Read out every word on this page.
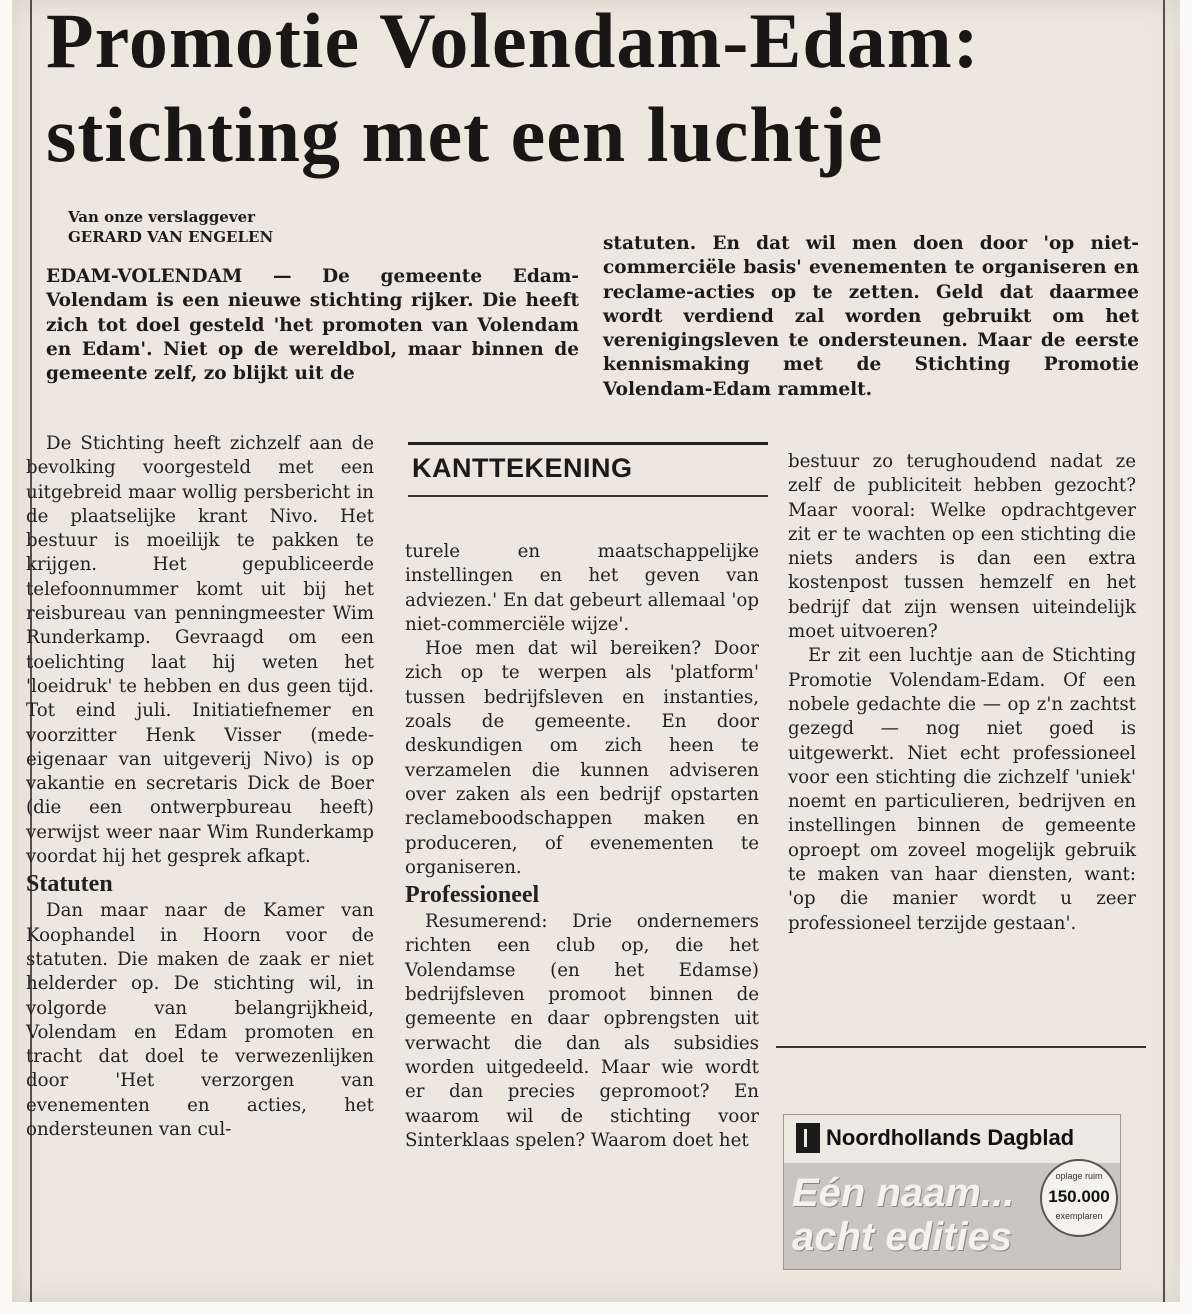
Promotie Volendam-Edam:
stichting met een luchtje
Van onze verslaggever
GERARD VAN ENGELEN
EDAM-VOLENDAM — De gemeente Edam-Volendam is een nieuwe stichting rijker. Die heeft zich tot doel gesteld 'het promoten van Volendam en Edam'. Niet op de wereldbol, maar binnen de gemeente zelf, zo blijkt uit de
statuten. En dat wil men doen door 'op niet-commerciële basis' evenementen te organiseren en reclame-acties op te zetten. Geld dat daarmee wordt verdiend zal worden gebruikt om het verenigingsleven te ondersteunen. Maar de eerste kennismaking met de Stichting Promotie Volendam-Edam rammelt.
KANTTEKENING

De Stichting heeft zichzelf aan de bevolking voorgesteld met een uitgebreid maar wollig persbericht in de plaatselijke krant Nivo. Het bestuur is moeilijk te pakken te krijgen. Het gepubliceerde telefoonnummer komt uit bij het reisbureau van penningmeester Wim Runderkamp. Gevraagd om een toelichting laat hij weten het 'loeidruk' te hebben en dus geen tijd. Tot eind juli. Initiatiefnemer en voorzitter Henk Visser (mede-eigenaar van uitgeverij Nivo) is op vakantie en secretaris Dick de Boer (die een ontwerpbureau heeft) verwijst weer naar Wim Runderkamp voordat hij het gesprek afkapt.

Statuten

Dan maar naar de Kamer van Koophandel in Hoorn voor de statuten. Die maken de zaak er niet helderder op. De stichting wil, in volgorde van belangrijkheid, Volendam en Edam promoten en tracht dat doel te verwezenlijken door 'Het verzorgen van evenementen en acties, het ondersteunen van cul-

turele en maatschappelijke instellingen en het geven van adviezen.' En dat gebeurt allemaal 'op niet-commerciële wijze'.

Hoe men dat wil bereiken? Door zich op te werpen als 'platform' tussen bedrijfsleven en instanties, zoals de gemeente. En door deskundigen om zich heen te verzamelen die kunnen adviseren over zaken als een bedrijf opstarten reclameboodschappen maken en produceren, of evenementen te organiseren.

Professioneel

Resumerend: Drie ondernemers richten een club op, die het Volendamse (en het Edamse) bedrijfsleven promoot binnen de gemeente en daar opbrengsten uit verwacht die dan als subsidies worden uitgedeeld. Maar wie wordt er dan precies gepromoot? En waarom wil de stichting voor Sinterklaas spelen? Waarom doet het

bestuur zo terughoudend nadat ze zelf de publiciteit hebben gezocht? Maar vooral: Welke opdrachtgever zit er te wachten op een stichting die niets anders is dan een extra kostenpost tussen hemzelf en het bedrijf dat zijn wensen uiteindelijk moet uitvoeren?

Er zit een luchtje aan de Stichting Promotie Volendam-Edam. Of een nobele gedachte die — op z'n zachtst gezegd — nog niet goed is uitgewerkt. Niet echt professioneel voor een stichting die zichzelf 'uniek' noemt en particulieren, bedrijven en instellingen binnen de gemeente oproept om zoveel mogelijk gebruik te maken van haar diensten, want: 'op die manier wordt u zeer professioneel terzijde gestaan'.

Noordhollands Dagblad
Eén naam...
acht edities
oplage ruim
150.000
exemplaren
